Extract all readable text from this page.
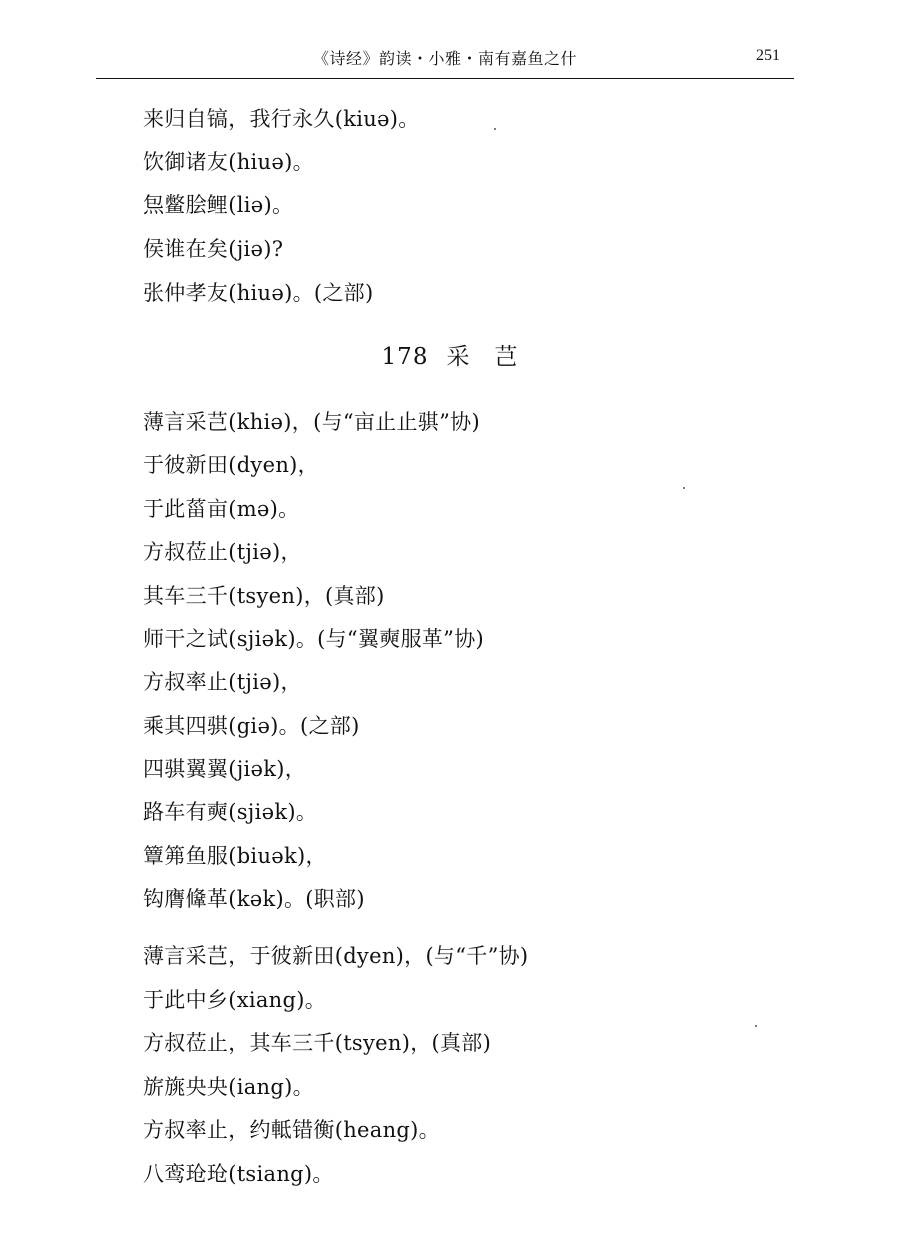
《诗经》韵读・小雅・南有嘉鱼之什	251
来归自镐，我行永久(kiuə)。
饮御诸友(hiuə)。
炰鳖脍鲤(liə)。
侯谁在矣(jiə)?
张仲孝友(hiuə)。(之部)
178 采　芑
薄言采芑(khiə)，(与“亩止止骐”协)
于彼新田(dyen)，
于此菑亩(mə)。
方叔莅止(tjiə)，
其车三千(tsyen)，(真部)
师干之试(sjiək)。(与“翼奭服革”协)
方叔率止(tjiə)，
乘其四骐(giə)。(之部)
四骐翼翼(jiək)，
路车有奭(sjiək)。
簟笰鱼服(biuək)，
钩膺鞗革(kək)。(职部)
薄言采芑，于彼新田(dyen)，(与“千”协)
于此中乡(xiang)。
方叔莅止，其车三千(tsyen)，(真部)
旂旐央央(iang)。
方叔率止，约軧错衡(heang)。
八鸾玱玱(tsiang)。
